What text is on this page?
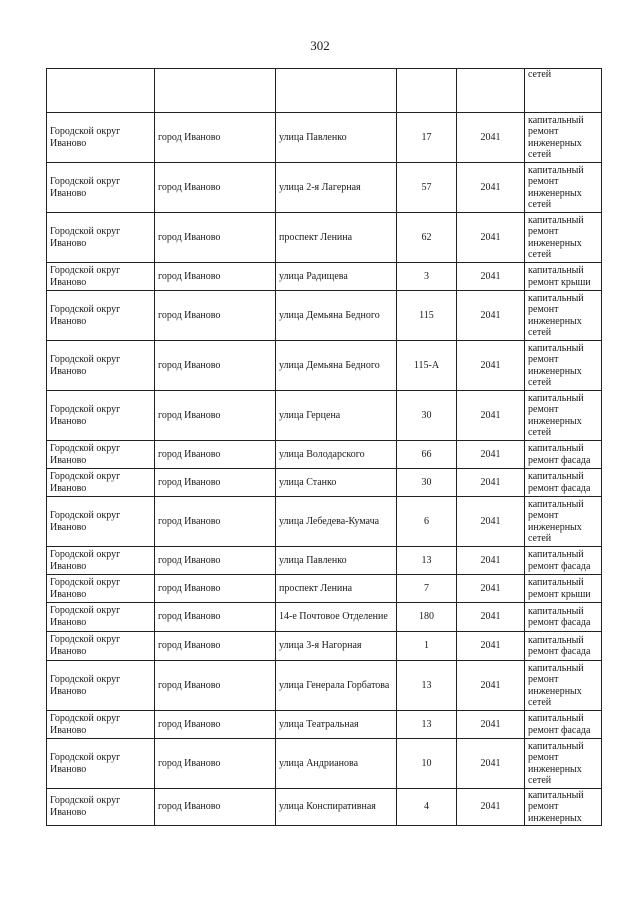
302
					сетей
Городской округ Иваново	город Иваново	улица Павленко	17	2041	капитальный ремонт инженерных сетей
Городской округ Иваново	город Иваново	улица 2-я Лагерная	57	2041	капитальный ремонт инженерных сетей
Городской округ Иваново	город Иваново	проспект Ленина	62	2041	капитальный ремонт инженерных сетей
Городской округ Иваново	город Иваново	улица Радищева	3	2041	капитальный ремонт крыши
Городской округ Иваново	город Иваново	улица Демьяна Бедного	115	2041	капитальный ремонт инженерных сетей
Городской округ Иваново	город Иваново	улица Демьяна Бедного	115-А	2041	капитальный ремонт инженерных сетей
Городской округ Иваново	город Иваново	улица Герцена	30	2041	капитальный ремонт инженерных сетей
Городской округ Иваново	город Иваново	улица Володарского	66	2041	капитальный ремонт фасада
Городской округ Иваново	город Иваново	улица Станко	30	2041	капитальный ремонт фасада
Городской округ Иваново	город Иваново	улица Лебедева-Кумача	6	2041	капитальный ремонт инженерных сетей
Городской округ Иваново	город Иваново	улица Павленко	13	2041	капитальный ремонт фасада
Городской округ Иваново	город Иваново	проспект Ленина	7	2041	капитальный ремонт крыши
Городской округ Иваново	город Иваново	14-е Почтовое Отделение	180	2041	капитальный ремонт фасада
Городской округ Иваново	город Иваново	улица 3-я Нагорная	1	2041	капитальный ремонт фасада
Городской округ Иваново	город Иваново	улица Генерала Горбатова	13	2041	капитальный ремонт инженерных сетей
Городской округ Иваново	город Иваново	улица Театральная	13	2041	капитальный ремонт фасада
Городской округ Иваново	город Иваново	улица Андрианова	10	2041	капитальный ремонт инженерных сетей
Городской округ Иваново	город Иваново	улица Конспиративная	4	2041	капитальный ремонт инженерных
